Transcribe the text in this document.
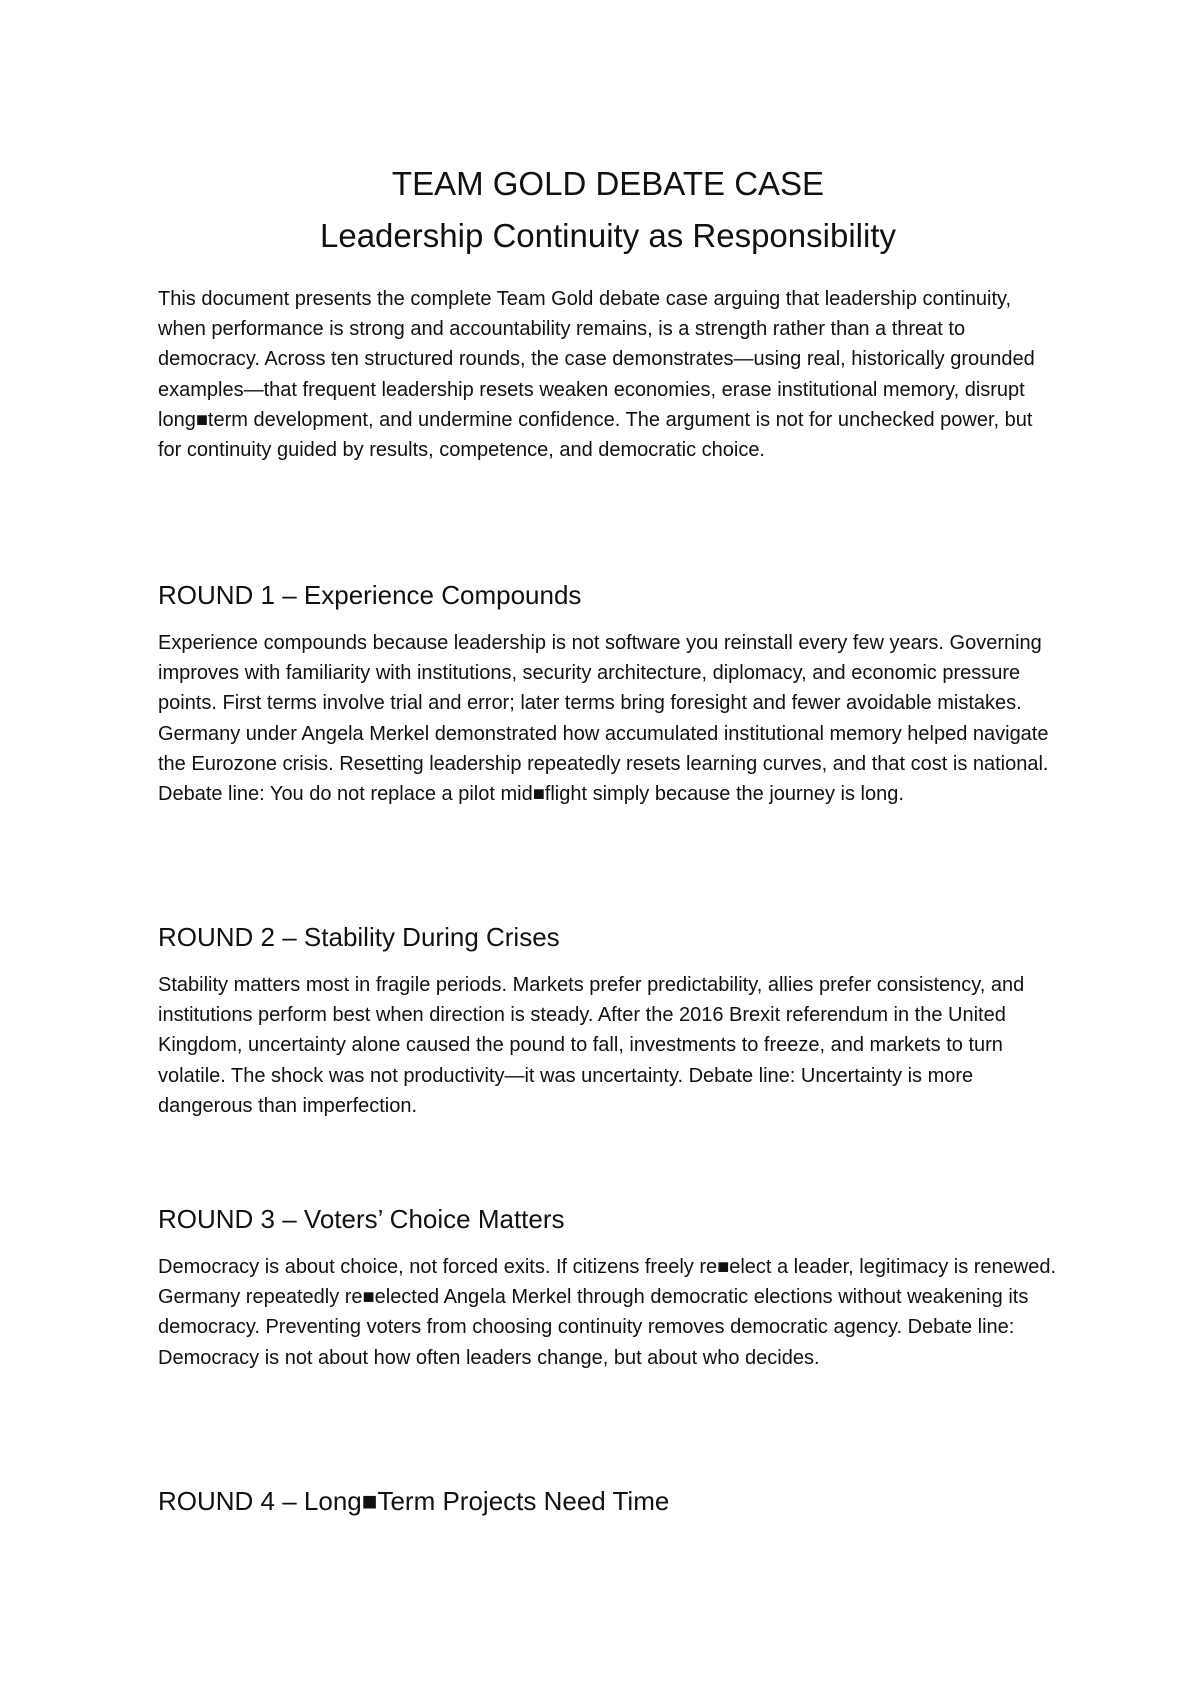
TEAM GOLD DEBATE CASE
Leadership Continuity as Responsibility

This document presents the complete Team Gold debate case arguing that leadership continuity, when performance is strong and accountability remains, is a strength rather than a threat to democracy. Across ten structured rounds, the case demonstrates—using real, historically grounded examples—that frequent leadership resets weaken economies, erase institutional memory, disrupt long■term development, and undermine confidence. The argument is not for unchecked power, but for continuity guided by results, competence, and democratic choice.

ROUND 1 – Experience Compounds

Experience compounds because leadership is not software you reinstall every few years. Governing improves with familiarity with institutions, security architecture, diplomacy, and economic pressure points. First terms involve trial and error; later terms bring foresight and fewer avoidable mistakes. Germany under Angela Merkel demonstrated how accumulated institutional memory helped navigate the Eurozone crisis. Resetting leadership repeatedly resets learning curves, and that cost is national. Debate line: You do not replace a pilot mid■flight simply because the journey is long.

ROUND 2 – Stability During Crises

Stability matters most in fragile periods. Markets prefer predictability, allies prefer consistency, and institutions perform best when direction is steady. After the 2016 Brexit referendum in the United Kingdom, uncertainty alone caused the pound to fall, investments to freeze, and markets to turn volatile. The shock was not productivity—it was uncertainty. Debate line: Uncertainty is more dangerous than imperfection.

ROUND 3 – Voters’ Choice Matters

Democracy is about choice, not forced exits. If citizens freely re■elect a leader, legitimacy is renewed. Germany repeatedly re■elected Angela Merkel through democratic elections without weakening its democracy. Preventing voters from choosing continuity removes democratic agency. Debate line: Democracy is not about how often leaders change, but about who decides.

ROUND 4 – Long■Term Projects Need Time
